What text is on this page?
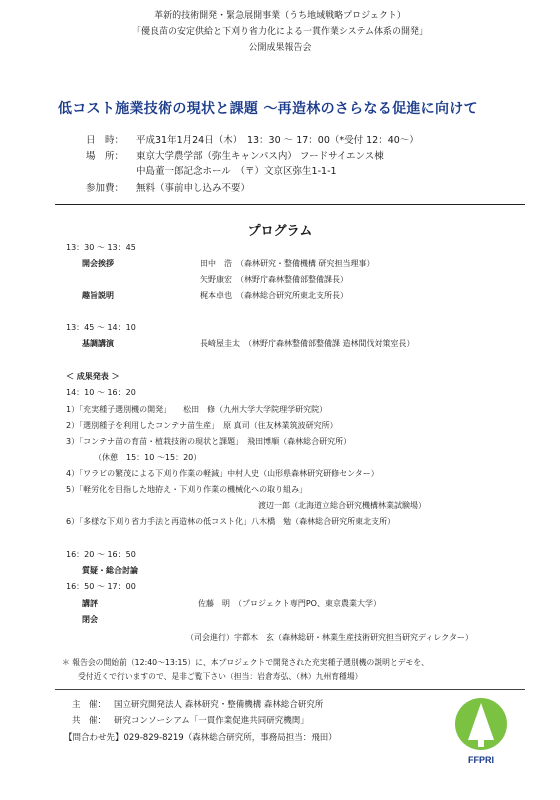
革新的技術開発・緊急展開事業（うち地域戦略プロジェクト）
「優良苗の安定供給と下刈り省力化による一貫作業システム体系の開発」
公開成果報告会
低コスト施業技術の現状と課題 ～再造林のさらなる促進に向けて
日　時： 平成31年1月24日（木）　13：30 ～ 17：00（*受付 12：40～）
場　所： 東京大学農学部（弥生キャンパス内） フードサイエンス棟
中島董一郎記念ホール　（〒）文京区弥生1-1-1
参加費： 無料（事前申し込み不要）
プログラム
13：30 ～ 13：45
開会挨拶	田中　浩　（森林研究・整備機構 研究担当理事）
矢野康宏　（林野庁森林整備部整備課長）
趣旨説明	梶本卓也　（森林総合研究所東北支所長）
13：45 ～ 14：10
基調講演	長崎屋圭太　（林野庁森林整備部整備課 造林間伐対策室長）
＜ 成果発表 ＞
14：10 ～ 16：20
1）「充実種子選別機の開発」　　松田　修（九州大学大学院理学研究院）
2）「選別種子を利用したコンテナ苗生産」　原 真司（住友林業筑波研究所）
3）「コンテナ苗の育苗・植栽技術の現状と課題」　飛田博順（森林総合研究所）
（休憩　15：10 ～15：20）
4）「ワラビの繁茂による下刈り作業の軽減」中村人史（山形県森林研究研修センター）
5）「軽労化を目指した地拵え・下刈り作業の機械化への取り組み」
渡辺一郎（北海道立総合研究機構林業試験場）
6）「多様な下刈り省力手法と再造林の低コスト化」八木橋　勉（森林総合研究所東北支所）
16：20 ～ 16：50
質疑・総合討論
16：50 ～ 17：00
講評	佐藤　明　（プロジェクト専門PO、東京農業大学）
閉会
（司会進行）宇都木　玄（森林総研・林業生産技術研究担当研究ディレクター）
＊ 報告会の開始前（12:40～13:15）に、本プロジェクトで開発された充実種子選別機の説明とデモを、
受付近くで行いますので、是非ご覧下さい（担当：岩倉寿弘、（林）九州育種場）
主　催： 国立研究開発法人 森林研究・整備機構 森林総合研究所
共　催： 研究コンソーシアム「一貫作業促進共同研究機関」
【問合わせ先】029-829-8219（森林総合研究所，事務局担当：飛田）
FFPRI
